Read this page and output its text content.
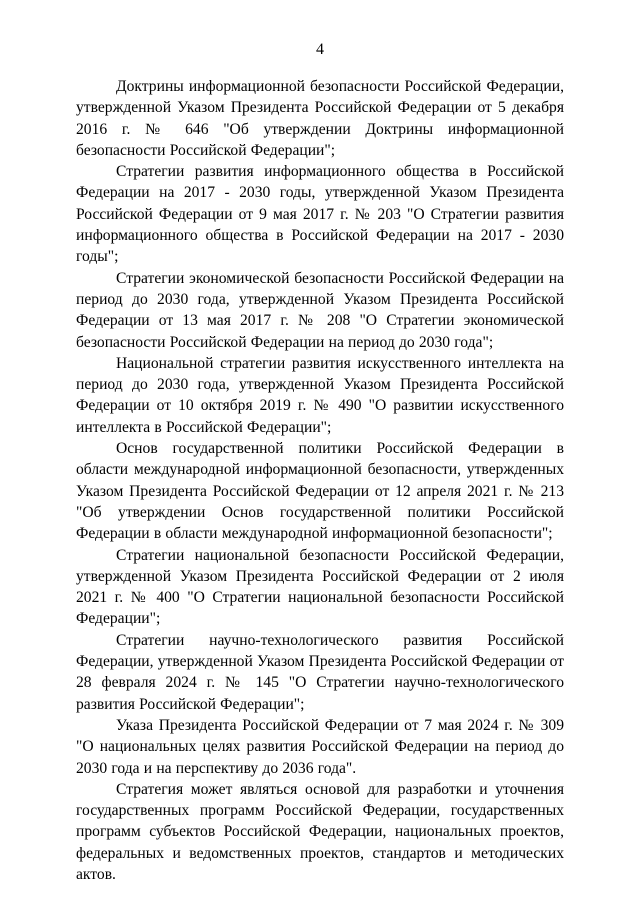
4

Доктрины информационной безопасности Российской Федерации, утвержденной Указом Президента Российской Федерации от 5 декабря 2016 г. № 646 "Об утверждении Доктрины информационной безопасности Российской Федерации";

Стратегии развития информационного общества в Российской Федерации на 2017 - 2030 годы, утвержденной Указом Президента Российской Федерации от 9 мая 2017 г. № 203 "О Стратегии развития информационного общества в Российской Федерации на 2017 - 2030 годы";

Стратегии экономической безопасности Российской Федерации на период до 2030 года, утвержденной Указом Президента Российской Федерации от 13 мая 2017 г. № 208 "О Стратегии экономической безопасности Российской Федерации на период до 2030 года";

Национальной стратегии развития искусственного интеллекта на период до 2030 года, утвержденной Указом Президента Российской Федерации от 10 октября 2019 г. № 490 "О развитии искусственного интеллекта в Российской Федерации";

Основ государственной политики Российской Федерации в области международной информационной безопасности, утвержденных Указом Президента Российской Федерации от 12 апреля 2021 г. № 213 "Об утверждении Основ государственной политики Российской Федерации в области международной информационной безопасности";

Стратегии национальной безопасности Российской Федерации, утвержденной Указом Президента Российской Федерации от 2 июля 2021 г. № 400 "О Стратегии национальной безопасности Российской Федерации";

Стратегии научно-технологического развития Российской Федерации, утвержденной Указом Президента Российской Федерации от 28 февраля 2024 г. № 145 "О Стратегии научно-технологического развития Российской Федерации";

Указа Президента Российской Федерации от 7 мая 2024 г. № 309 "О национальных целях развития Российской Федерации на период до 2030 года и на перспективу до 2036 года".

Стратегия может являться основой для разработки и уточнения государственных программ Российской Федерации, государственных программ субъектов Российской Федерации, национальных проектов, федеральных и ведомственных проектов, стандартов и методических актов.
